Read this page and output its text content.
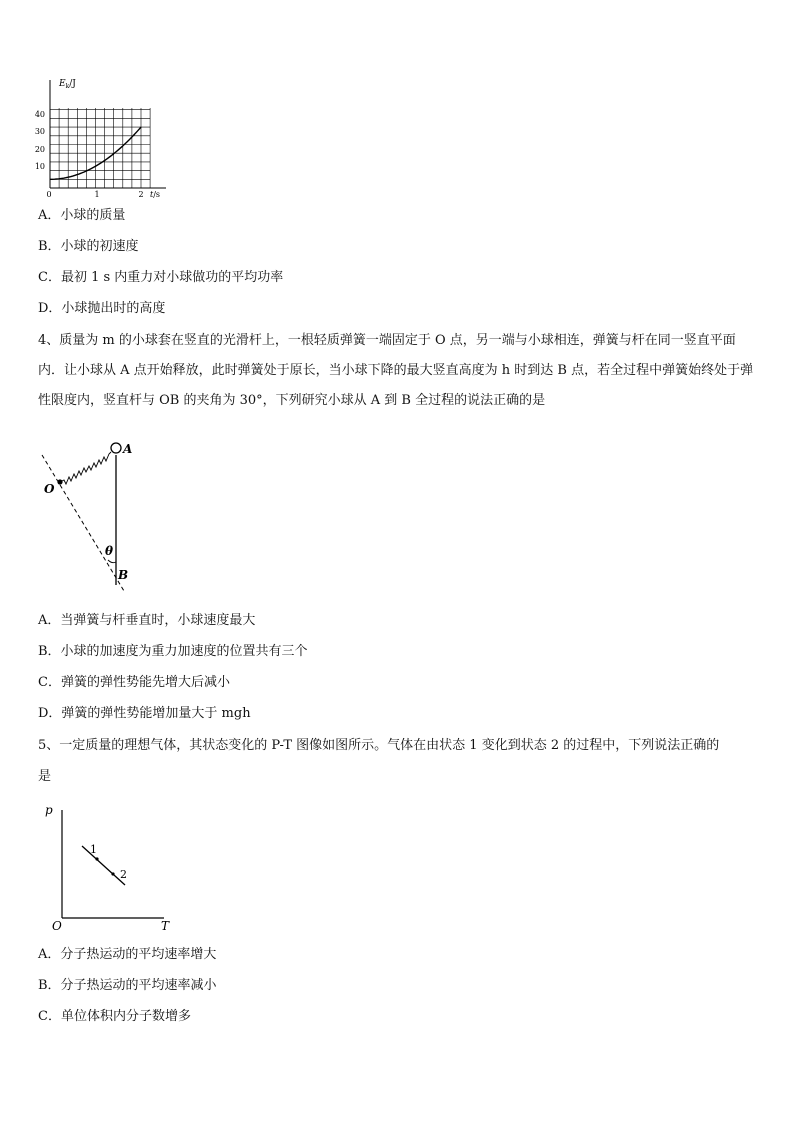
$E_k/J$
40
30
20
10
0	1	2 t/s
A．小球的质量
B．小球的初速度
C．最初 1 s 内重力对小球做功的平均功率
D．小球抛出时的高度
4、质量为 m 的小球套在竖直的光滑杆上，一根轻质弹簧一端固定于 O 点，另一端与小球相连，弹簧与杆在同一竖直平面内．让小球从 A 点开始释放，此时弹簧处于原长，当小球下降的最大竖直高度为 h 时到达 B 点，若全过程中弹簧始终处于弹性限度内，竖直杆与 OB 的夹角为 30°，下列研究小球从 A 到 B 全过程的说法正确的是
A
O
θ
B
A．当弹簧与杆垂直时，小球速度最大
B．小球的加速度为重力加速度的位置共有三个
C．弹簧的弹性势能先增大后减小
D．弹簧的弹性势能增加量大于 mgh
5、一定质量的理想气体，其状态变化的 P-T 图像如图所示。气体在由状态 1 变化到状态 2 的过程中，下列说法正确的
是
p
T
O
1
2
A．分子热运动的平均速率增大
B．分子热运动的平均速率减小
C．单位体积内分子数增多
